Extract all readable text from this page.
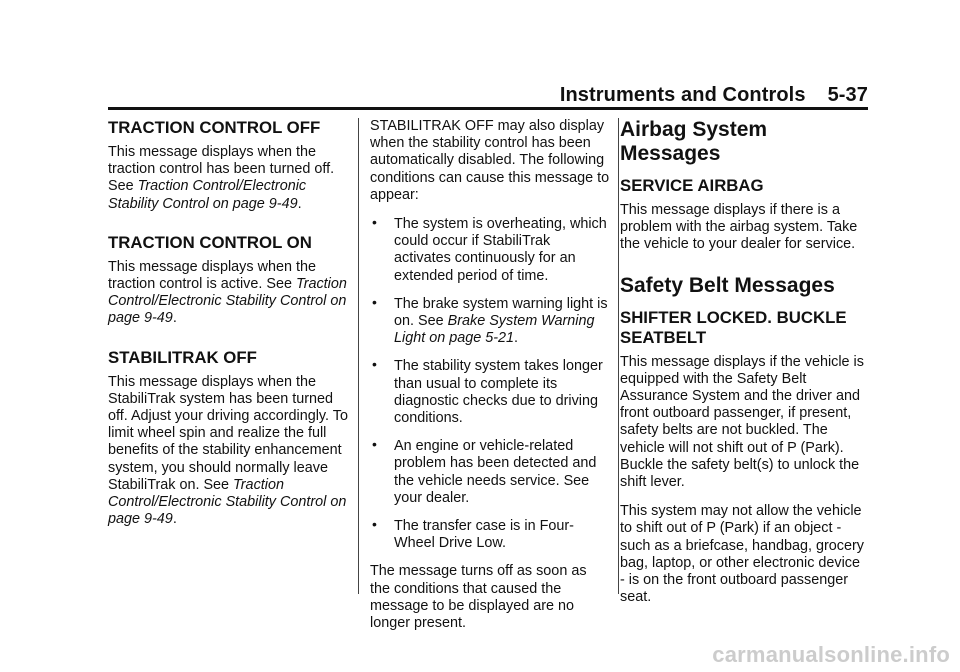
Instruments and Controls 5-37
TRACTION CONTROL OFF

This message displays when the traction control has been turned off. See Traction Control/Electronic Stability Control on page 9-49.

TRACTION CONTROL ON

This message displays when the traction control is active. See Traction Control/Electronic Stability Control on page 9-49.

STABILITRAK OFF

This message displays when the StabiliTrak system has been turned off. Adjust your driving accordingly. To limit wheel spin and realize the full benefits of the stability enhancement system, you should normally leave StabiliTrak on. See Traction Control/Electronic Stability Control on page 9-49.

STABILITRAK OFF may also display when the stability control has been automatically disabled. The following conditions can cause this message to appear:

• The system is overheating, which could occur if StabiliTrak activates continuously for an extended period of time.
• The brake system warning light is on. See Brake System Warning Light on page 5-21.
• The stability system takes longer than usual to complete its diagnostic checks due to driving conditions.
• An engine or vehicle-related problem has been detected and the vehicle needs service. See your dealer.
• The transfer case is in Four-Wheel Drive Low.

The message turns off as soon as the conditions that caused the message to be displayed are no longer present.

Airbag System Messages
SERVICE AIRBAG

This message displays if there is a problem with the airbag system. Take the vehicle to your dealer for service.

Safety Belt Messages
SHIFTER LOCKED. BUCKLE SEATBELT

This message displays if the vehicle is equipped with the Safety Belt Assurance System and the driver and front outboard passenger, if present, safety belts are not buckled. The vehicle will not shift out of P (Park). Buckle the safety belt(s) to unlock the shift lever.

This system may not allow the vehicle to shift out of P (Park) if an object - such as a briefcase, handbag, grocery bag, laptop, or other electronic device - is on the front outboard passenger seat.

carmanualsonline.info
